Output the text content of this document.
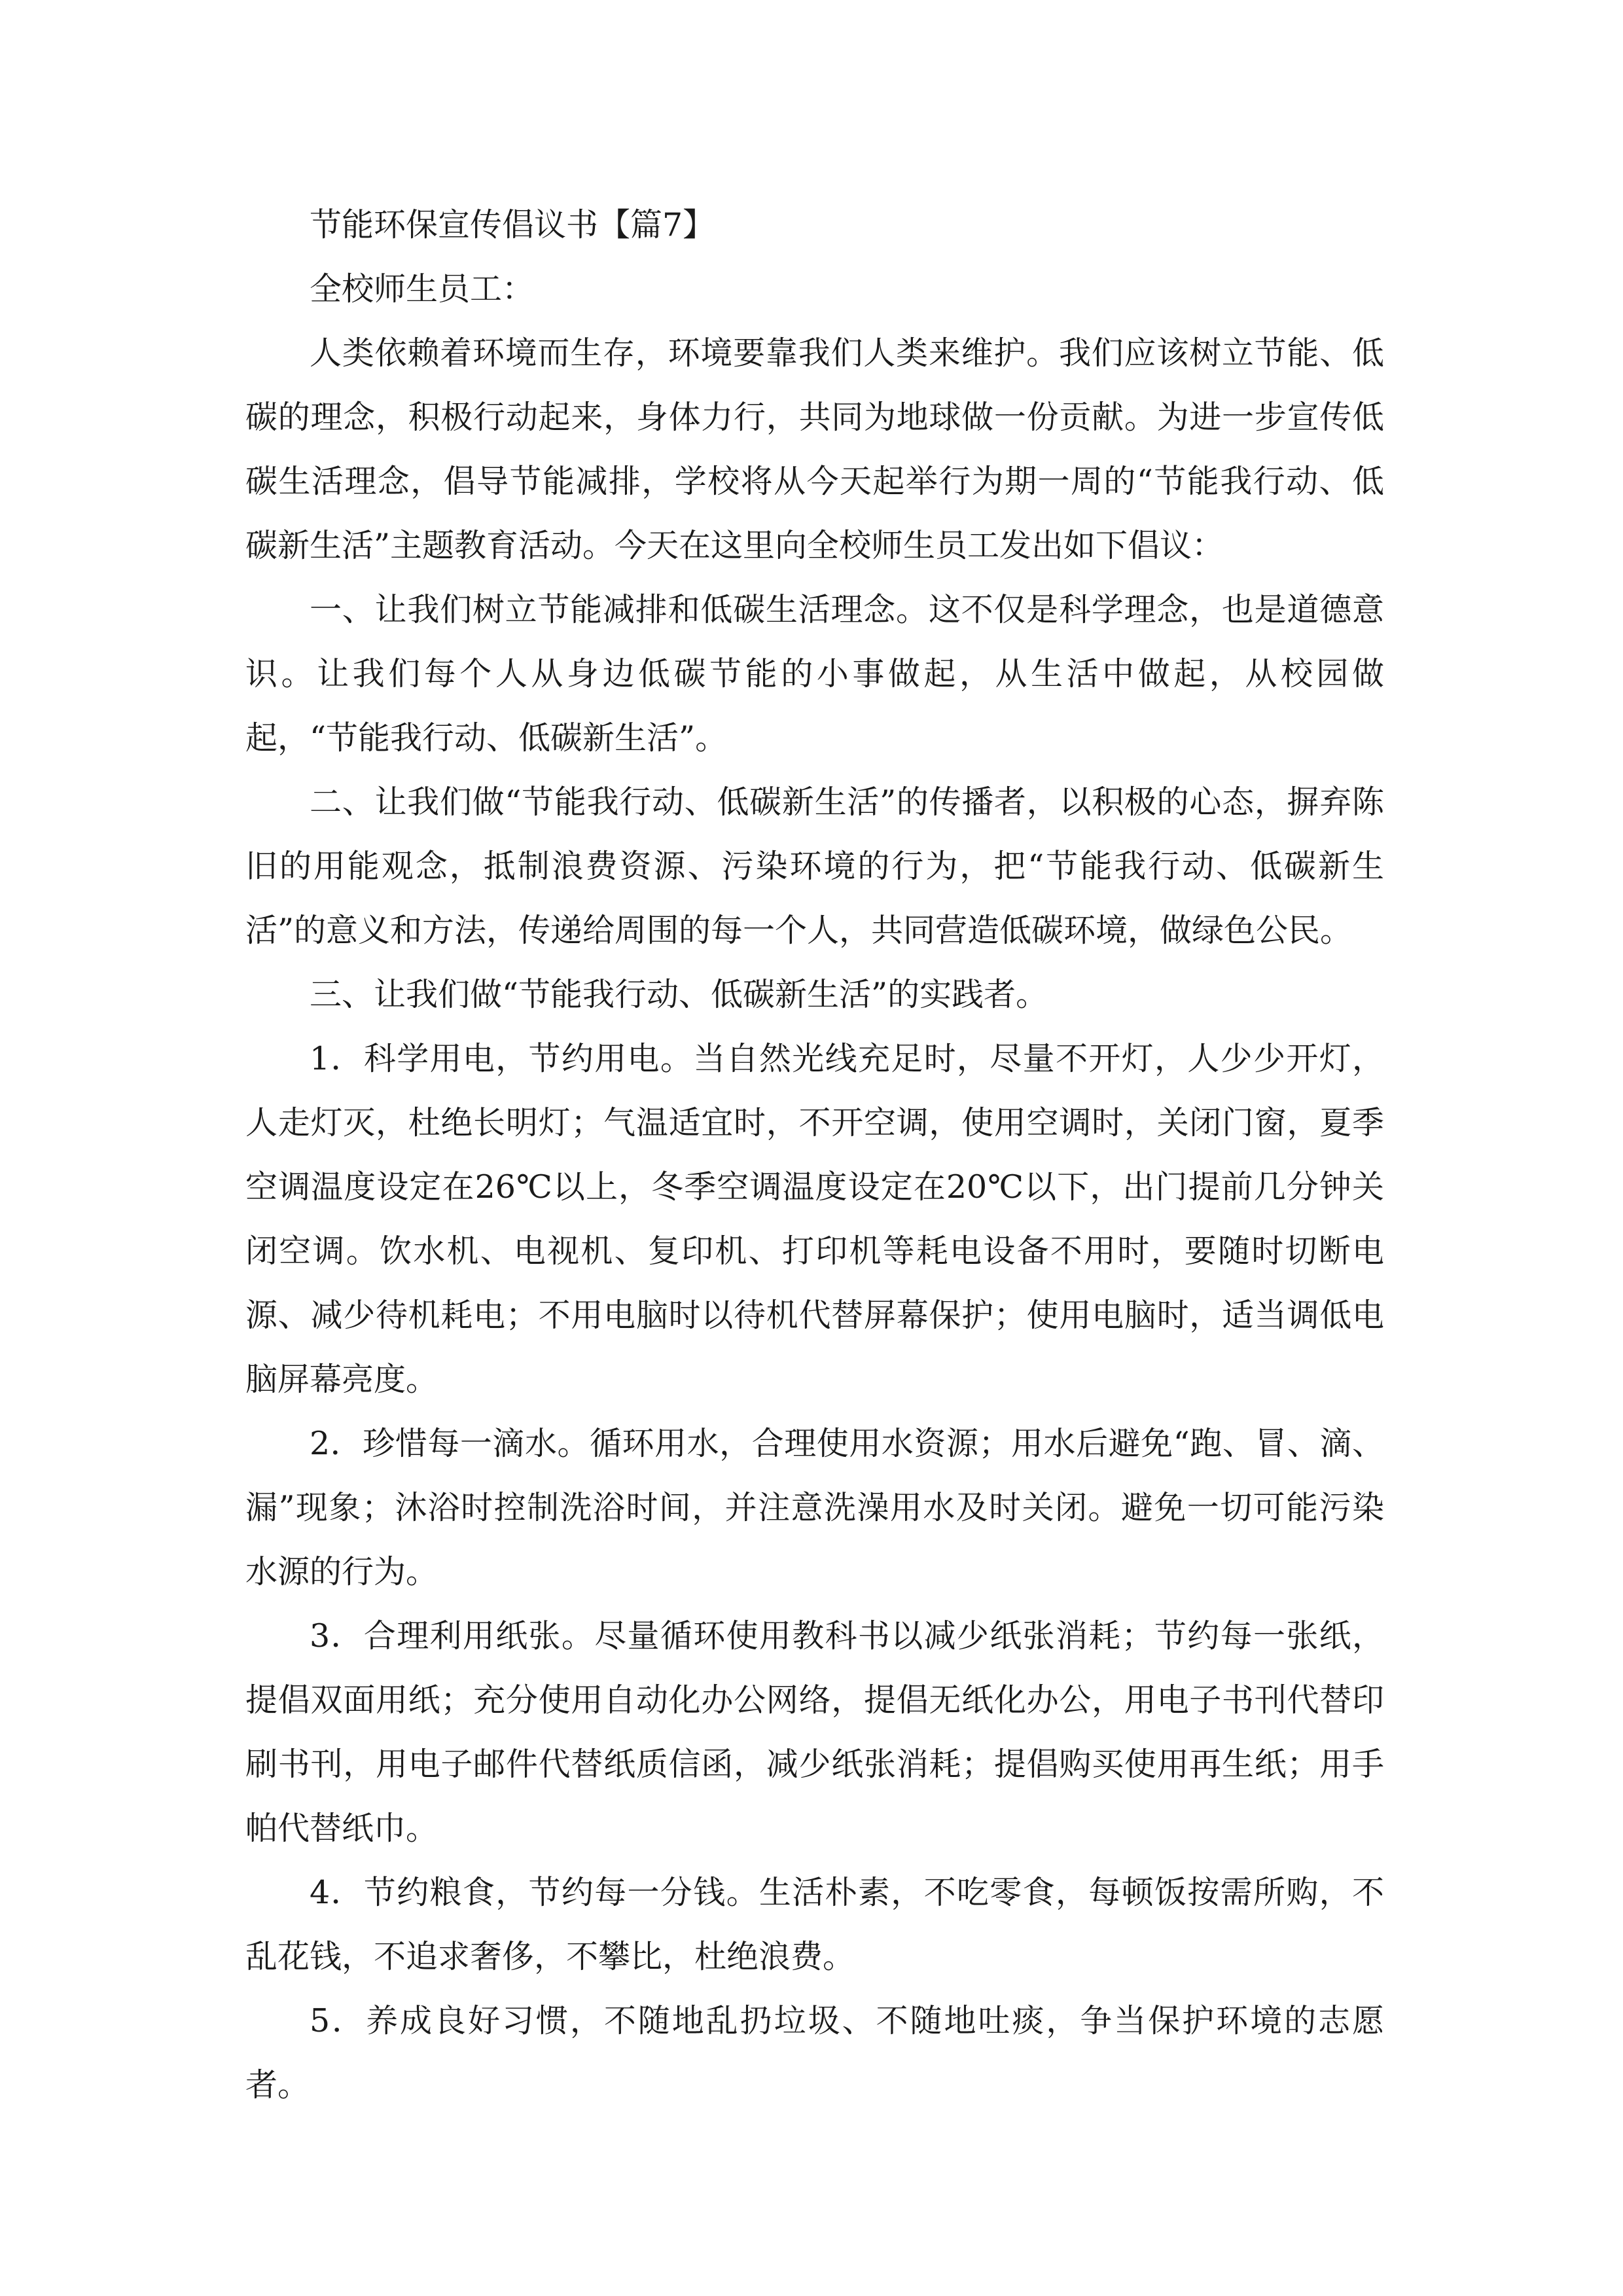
节能环保宣传倡议书【篇7】

全校师生员工：

人类依赖着环境而生存，环境要靠我们人类来维护。我们应该树立节能、低碳的理念，积极行动起来，身体力行，共同为地球做一份贡献。为进一步宣传低碳生活理念，倡导节能减排，学校将从今天起举行为期一周的“节能我行动、低碳新生活”主题教育活动。今天在这里向全校师生员工发出如下倡议：

一、让我们树立节能减排和低碳生活理念。这不仅是科学理念，也是道德意识。让我们每个人从身边低碳节能的小事做起，从生活中做起，从校园做起，“节能我行动、低碳新生活”。

二、让我们做“节能我行动、低碳新生活”的传播者，以积极的心态，摒弃陈旧的用能观念，抵制浪费资源、污染环境的行为，把“节能我行动、低碳新生活”的意义和方法，传递给周围的每一个人，共同营造低碳环境，做绿色公民。

三、让我们做“节能我行动、低碳新生活”的实践者。

1．科学用电，节约用电。当自然光线充足时，尽量不开灯，人少少开灯，人走灯灭，杜绝长明灯；气温适宜时，不开空调，使用空调时，关闭门窗，夏季空调温度设定在26℃以上，冬季空调温度设定在20℃以下，出门提前几分钟关闭空调。饮水机、电视机、复印机、打印机等耗电设备不用时，要随时切断电源、减少待机耗电；不用电脑时以待机代替屏幕保护；使用电脑时，适当调低电脑屏幕亮度。

2．珍惜每一滴水。循环用水，合理使用水资源；用水后避免“跑、冒、滴、漏”现象；沐浴时控制洗浴时间，并注意洗澡用水及时关闭。避免一切可能污染水源的行为。

3．合理利用纸张。尽量循环使用教科书以减少纸张消耗；节约每一张纸，提倡双面用纸；充分使用自动化办公网络，提倡无纸化办公，用电子书刊代替印刷书刊，用电子邮件代替纸质信函，减少纸张消耗；提倡购买使用再生纸；用手帕代替纸巾。

4．节约粮食，节约每一分钱。生活朴素，不吃零食，每顿饭按需所购，不乱花钱，不追求奢侈，不攀比，杜绝浪费。

5．养成良好习惯，不随地乱扔垃圾、不随地吐痰，争当保护环境的志愿者。
